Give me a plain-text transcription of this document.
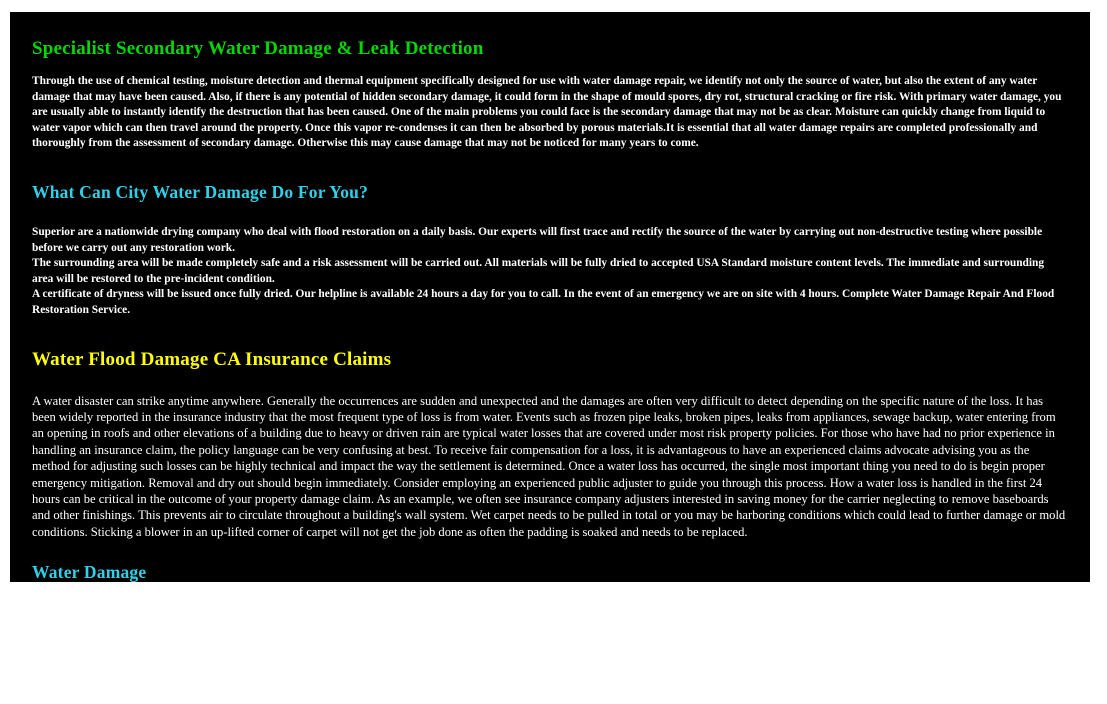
Specialist Secondary Water Damage & Leak Detection

Through the use of chemical testing, moisture detection and thermal equipment specifically designed for use with water damage repair, we identify not only the source of water, but also the extent of any water damage that may have been caused. Also, if there is any potential of hidden secondary damage, it could form in the shape of mould spores, dry rot, structural cracking or fire risk. With primary water damage, you are usually able to instantly identify the destruction that has been caused. One of the main problems you could face is the secondary damage that may not be as clear. Moisture can quickly change from liquid to water vapor which can then travel around the property. Once this vapor re-condenses it can then be absorbed by porous materials.It is essential that all water damage repairs are completed professionally and thoroughly from the assessment of secondary damage. Otherwise this may cause damage that may not be noticed for many years to come.

What Can City Water Damage Do For You?

Superior are a nationwide drying company who deal with flood restoration on a daily basis. Our experts will first trace and rectify the source of the water by carrying out non-destructive testing where possible before we carry out any restoration work.

The surrounding area will be made completely safe and a risk assessment will be carried out. All materials will be fully dried to accepted USA Standard moisture content levels. The immediate and surrounding area will be restored to the pre-incident condition.

A certificate of dryness will be issued once fully dried. Our helpline is available 24 hours a day for you to call. In the event of an emergency we are on site with 4 hours. Complete Water Damage Repair And Flood Restoration Service.

Water Flood Damage CA Insurance Claims

A water disaster can strike anytime anywhere. Generally the occurrences are sudden and unexpected and the damages are often very difficult to detect depending on the specific nature of the loss. It has been widely reported in the insurance industry that the most frequent type of loss is from water. Events such as frozen pipe leaks, broken pipes, leaks from appliances, sewage backup, water entering from an opening in roofs and other elevations of a building due to heavy or driven rain are typical water losses that are covered under most risk property policies. For those who have had no prior experience in handling an insurance claim, the policy language can be very confusing at best. To receive fair compensation for a loss, it is advantageous to have an experienced claims advocate advising you as the method for adjusting such losses can be highly technical and impact the way the settlement is determined. Once a water loss has occurred, the single most important thing you need to do is begin proper emergency mitigation. Removal and dry out should begin immediately. Consider employing an experienced public adjuster to guide you through this process. How a water loss is handled in the first 24 hours can be critical in the outcome of your property damage claim. As an example, we often see insurance company adjusters interested in saving money for the carrier neglecting to remove baseboards and other finishings. This prevents air to circulate throughout a building's wall system. Wet carpet needs to be pulled in total or you may be harboring conditions which could lead to further damage or mold conditions. Sticking a blower in an up-lifted corner of carpet will not get the job done as often the padding is soaked and needs to be replaced.

Water Damage

After a fire, flood or plumbing failure, fast action to dry out and restore water damaged areas can mean saving thousands of dollars in loss of structural components, electrical equipment, paper documents and furnishings. Every Water Damage Restoration begins with a Water Extraction. Superior Restoration Company. in California, utilizes powerful truck mounted equipment that are capable to extract hundreds and even thousands of gallons of water in the fastest time possible.

Our California Water Removal and Water Damage Restoration team at Superior Restoration Company. will respond immediately and help you get back on track fast. You will NOT get an answering service, but an IICRC certified water damage expert will dispatch an emergency water damage crew to your home or business within 45 minutes, and you can talk to a certified water damage expert no matter what time of the day you call, or what day you call.
